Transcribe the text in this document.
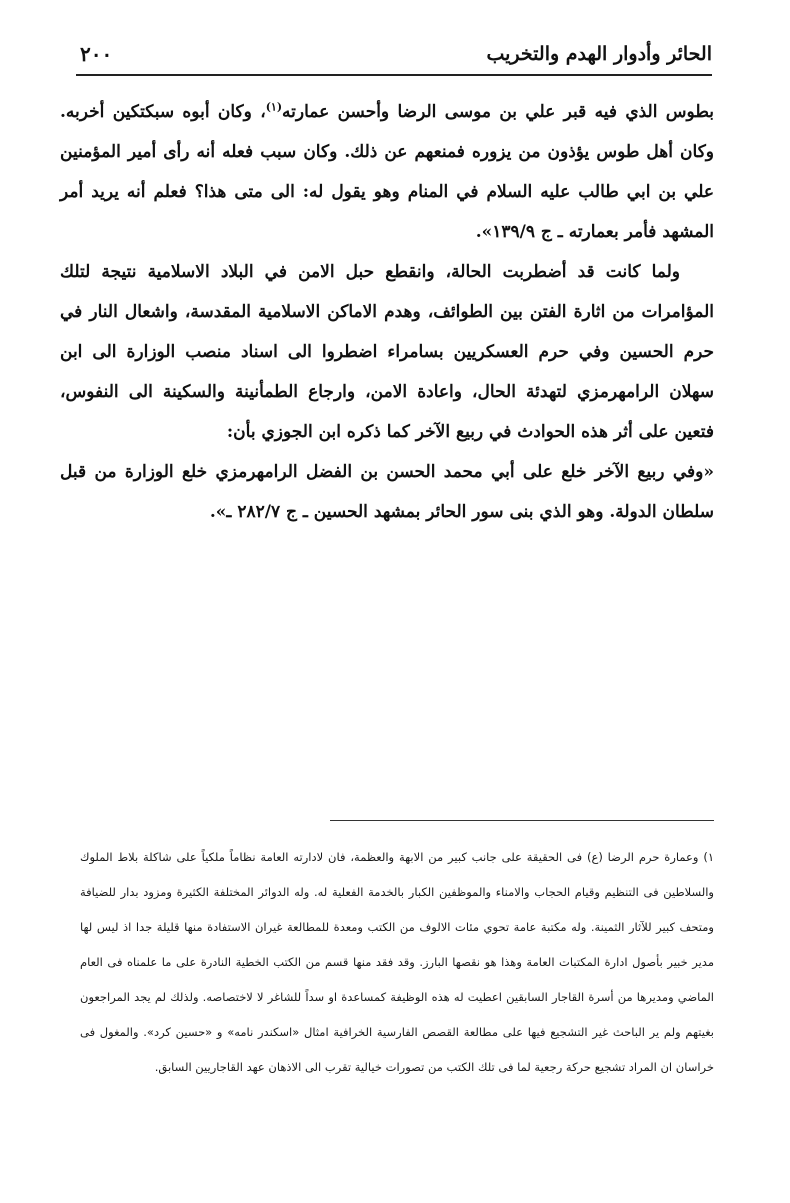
الحائر وأدوار الهدم والتخريب
٢٠٠

بطوس الذي فيه قبر علي بن موسى الرضا وأحسن عمارته$^{(١)}$، وكان أبوه سبكتكين أخربه. وكان أهل طوس يؤذون من يزوره فمنعهم عن ذلك. وكان سبب فعله أنه رأى أمير المؤمنين علي بن ابي طالب عليه السلام في المنام وهو يقول له: الى متى هذا؟ فعلم أنه يريد أمر المشهد فأمر بعمارته ـ ج ١٣٩/٩».

ولما كانت قد أضطربت الحالة، وانقطع حبل الامن في البلاد الاسلامية نتيجة لتلك المؤامرات من اثارة الفتن بين الطوائف، وهدم الاماكن الاسلامية المقدسة، واشعال النار في حرم الحسين وفي حرم العسكريين بسامراء اضطروا الى اسناد منصب الوزارة الى ابن سهلان الرامهرمزي لتهدئة الحال، واعادة الامن، وارجاع الطمأنينة والسكينة الى النفوس، فتعين على أثر هذه الحوادث في ربيع الآخر كما ذكره ابن الجوزي بأن:

«وفي ربيع الآخر خلع على أبي محمد الحسن بن الفضل الرامهرمزي خلع الوزارة من قبل سلطان الدولة. وهو الذي بنى سور الحائر بمشهد الحسين ـ ج ٢٨٢/٧ ـ».

١) وعمارة حرم الرضا (ع) فى الحقيقة على جانب كبير من الابهة والعظمة، فان لادارته العامة نظاماً ملكياً على شاكلة بلاط الملوك والسلاطين فى التنظيم وقيام الحجاب والامناء والموظفين الكبار بالخدمة الفعلية له. وله الدوائر المختلفة الكثيرة ومزود بدار للضيافة ومتحف كبير للآثار الثمينة. وله مكتبة عامة تحوي مئات الالوف من الكتب ومعدة للمطالعة غيران الاستفادة منها قليلة جدا اذ ليس لها مدير خبير بأصول ادارة المكتبات العامة وهذا هو نقصها البارز. وقد فقد منها قسم من الكتب الخطية النادرة على ما علمناه فى العام الماضي ومديرها من أسرة القاجار السابقين اعطيت له هذه الوظيفة كمساعدة او سداً للشاغر لا لاختصاصه. ولذلك لم يجد المراجعون بغيتهم ولم ير الباحث غير التشجيع فيها على مطالعة القصص الفارسية الخرافية امثال «اسكندر نامه» و «حسين كرد». والمغول فى خراسان ان المراد تشجيع حركة رجعية لما فى تلك الكتب من تصورات خيالية تقرب الى الاذهان عهد القاجاريين السابق.
